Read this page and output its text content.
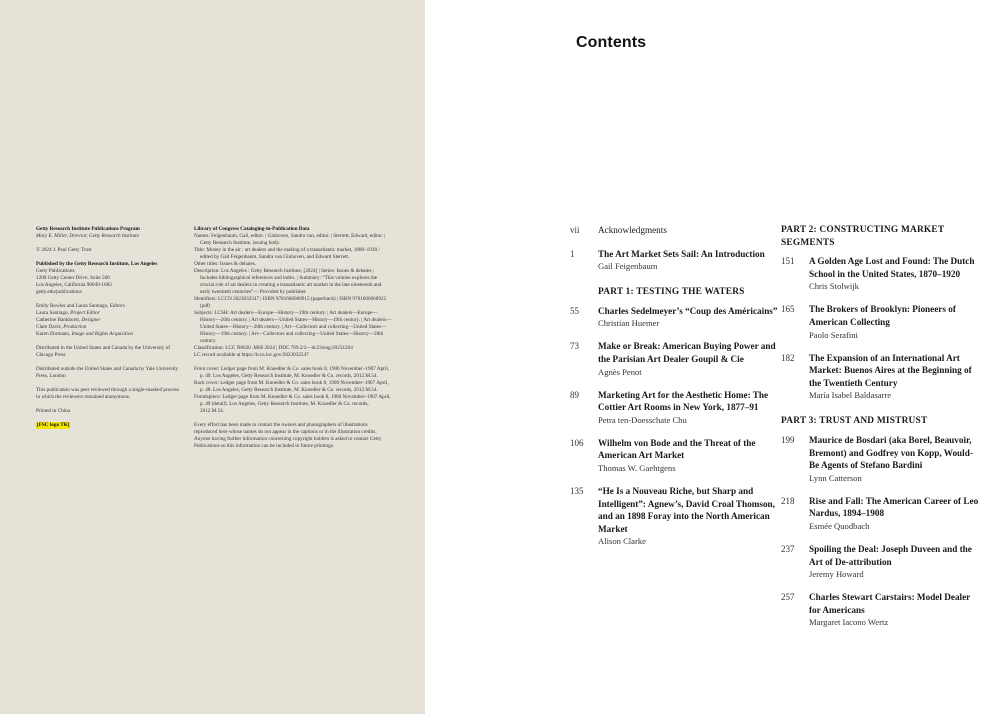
Getty Research Institute Publications Program

Mary E. Miller, Director, Getty Research Institute

© 2024 J. Paul Getty Trust

Published by the Getty Research Institute, Los Angeles

Getty Publications

1200 Getty Center Drive, Suite 500

Los Angeles, California 90049-1682

getty.edu/publications

Emily Rowles and Laura Santiago, Editors

Laura Santiago, Project Editor

Catherine Bankhurst, Designer

Clare Davis, Production

Karen Ehrmann, Image and Rights Acquisition

Distributed in the United States and Canada by the University of Chicago Press

Distributed outside the United States and Canada by Yale University Press, London

This publication was peer reviewed through a single-masked process in which the reviewers remained anonymous.

Printed in China

[FSC logo TK]

Library of Congress Cataloging-in-Publication Data

Names: Feigenbaum, Gail, editor. | Ginhoven, Sandra van, editor. | Sterrett, Edward, editor. | Getty Research Institute, issuing body.

Title: Money in the air : art dealers and the making of a transatlantic market, 1880–1930 / edited by Gail Feigenbaum, Sandra van Ginhoven, and Edward Sterrett.

Other titles: Issues & debates.

Description: Los Angeles : Getty Research Institute, [2024] | Series: Issues & debates | Includes bibliographical references and index. | Summary: “This volume explores the crucial role of art dealers in creating a transatlantic art market in the late nineteenth and early twentieth centuries”— Provided by publisher.

Identifiers: LCCN 2023032547 | ISBN 9781606068915 (paperback) | ISBN 9781606068922 (pdf)

Subjects: LCSH: Art dealers—Europe—History—19th century. | Art dealers—Europe—History—20th century. | Art dealers—United States—History—19th century. | Art dealers—United States—History—20th century. | Art—Collectors and collecting—United States—History—19th century. | Art—Collectors and collecting—United States—History—20th century.

Classification: LCC N8620 .M66 2024 | DDC 709.2/2—dc23/eng/20231204

LC record available at https://lccn.loc.gov/2023032547

Front cover: Ledger page from M. Knoedler & Co. sales book 8, 1900 November–1907 April, p. 49. Los Angeles, Getty Research Institute, M. Knoedler & Co. records, 2012.M.54.

Back cover: Ledger page from M. Knoedler & Co. sales book 8, 1900 November–1907 April, p. 48. Los Angeles, Getty Research Institute, M. Knoedler & Co. records, 2012.M.54.

Frontispiece: Ledger page from M. Knoedler & Co. sales book 8, 1900 November–1907 April, p. 49 (detail). Los Angeles, Getty Research Institute, M. Knoedler & Co. records, 2012.M.54.

Every effort has been made to contact the owners and photographers of illustrations reproduced here whose names do not appear in the captions or in the illustration credits. Anyone having further information concerning copyright holders is asked to contact Getty Publications so this information can be included in future printings.

Contents
vii	Acknowledgments
1	The Art Market Sets Sail: An Introduction
Gail Feigenbaum
PART 1: TESTING THE WATERS
55	Charles Sedelmeyer’s “Coup des Américains”
Christian Huemer
73	Make or Break: American Buying Power and the Parisian Art Dealer Goupil & Cie
Agnès Penot
89	Marketing Art for the Aesthetic Home: The Cottier Art Rooms in New York, 1877–91
Petra ten-Doesschate Chu
106	Wilhelm von Bode and the Threat of the American Art Market
Thomas W. Gaehtgens
135	“He Is a Nouveau Riche, but Sharp and Intelligent”: Agnew’s, David Croal Thomson, and an 1898 Foray into the North American Market
Alison Clarke
PART 2: CONSTRUCTING MARKET SEGMENTS
151	A Golden Age Lost and Found: The Dutch School in the United States, 1870–1920
Chris Stolwijk
165	The Brokers of Brooklyn: Pioneers of American Collecting
Paolo Serafini
182	The Expansion of an International Art Market: Buenos Aires at the Beginning of the Twentieth Century
María Isabel Baldasarre
PART 3: TRUST AND MISTRUST
199	Maurice de Bosdari (aka Borel, Beauvoir, Bremont) and Godfrey von Kopp, Would-Be Agents of Stefano Bardini
Lynn Catterson
218	Rise and Fall: The American Career of Leo Nardus, 1894–1908
Esmée Quodbach
237	Spoiling the Deal: Joseph Duveen and the Art of De-attribution
Jeremy Howard
257	Charles Stewart Carstairs: Model Dealer for Americans
Margaret Iacono Wertz
